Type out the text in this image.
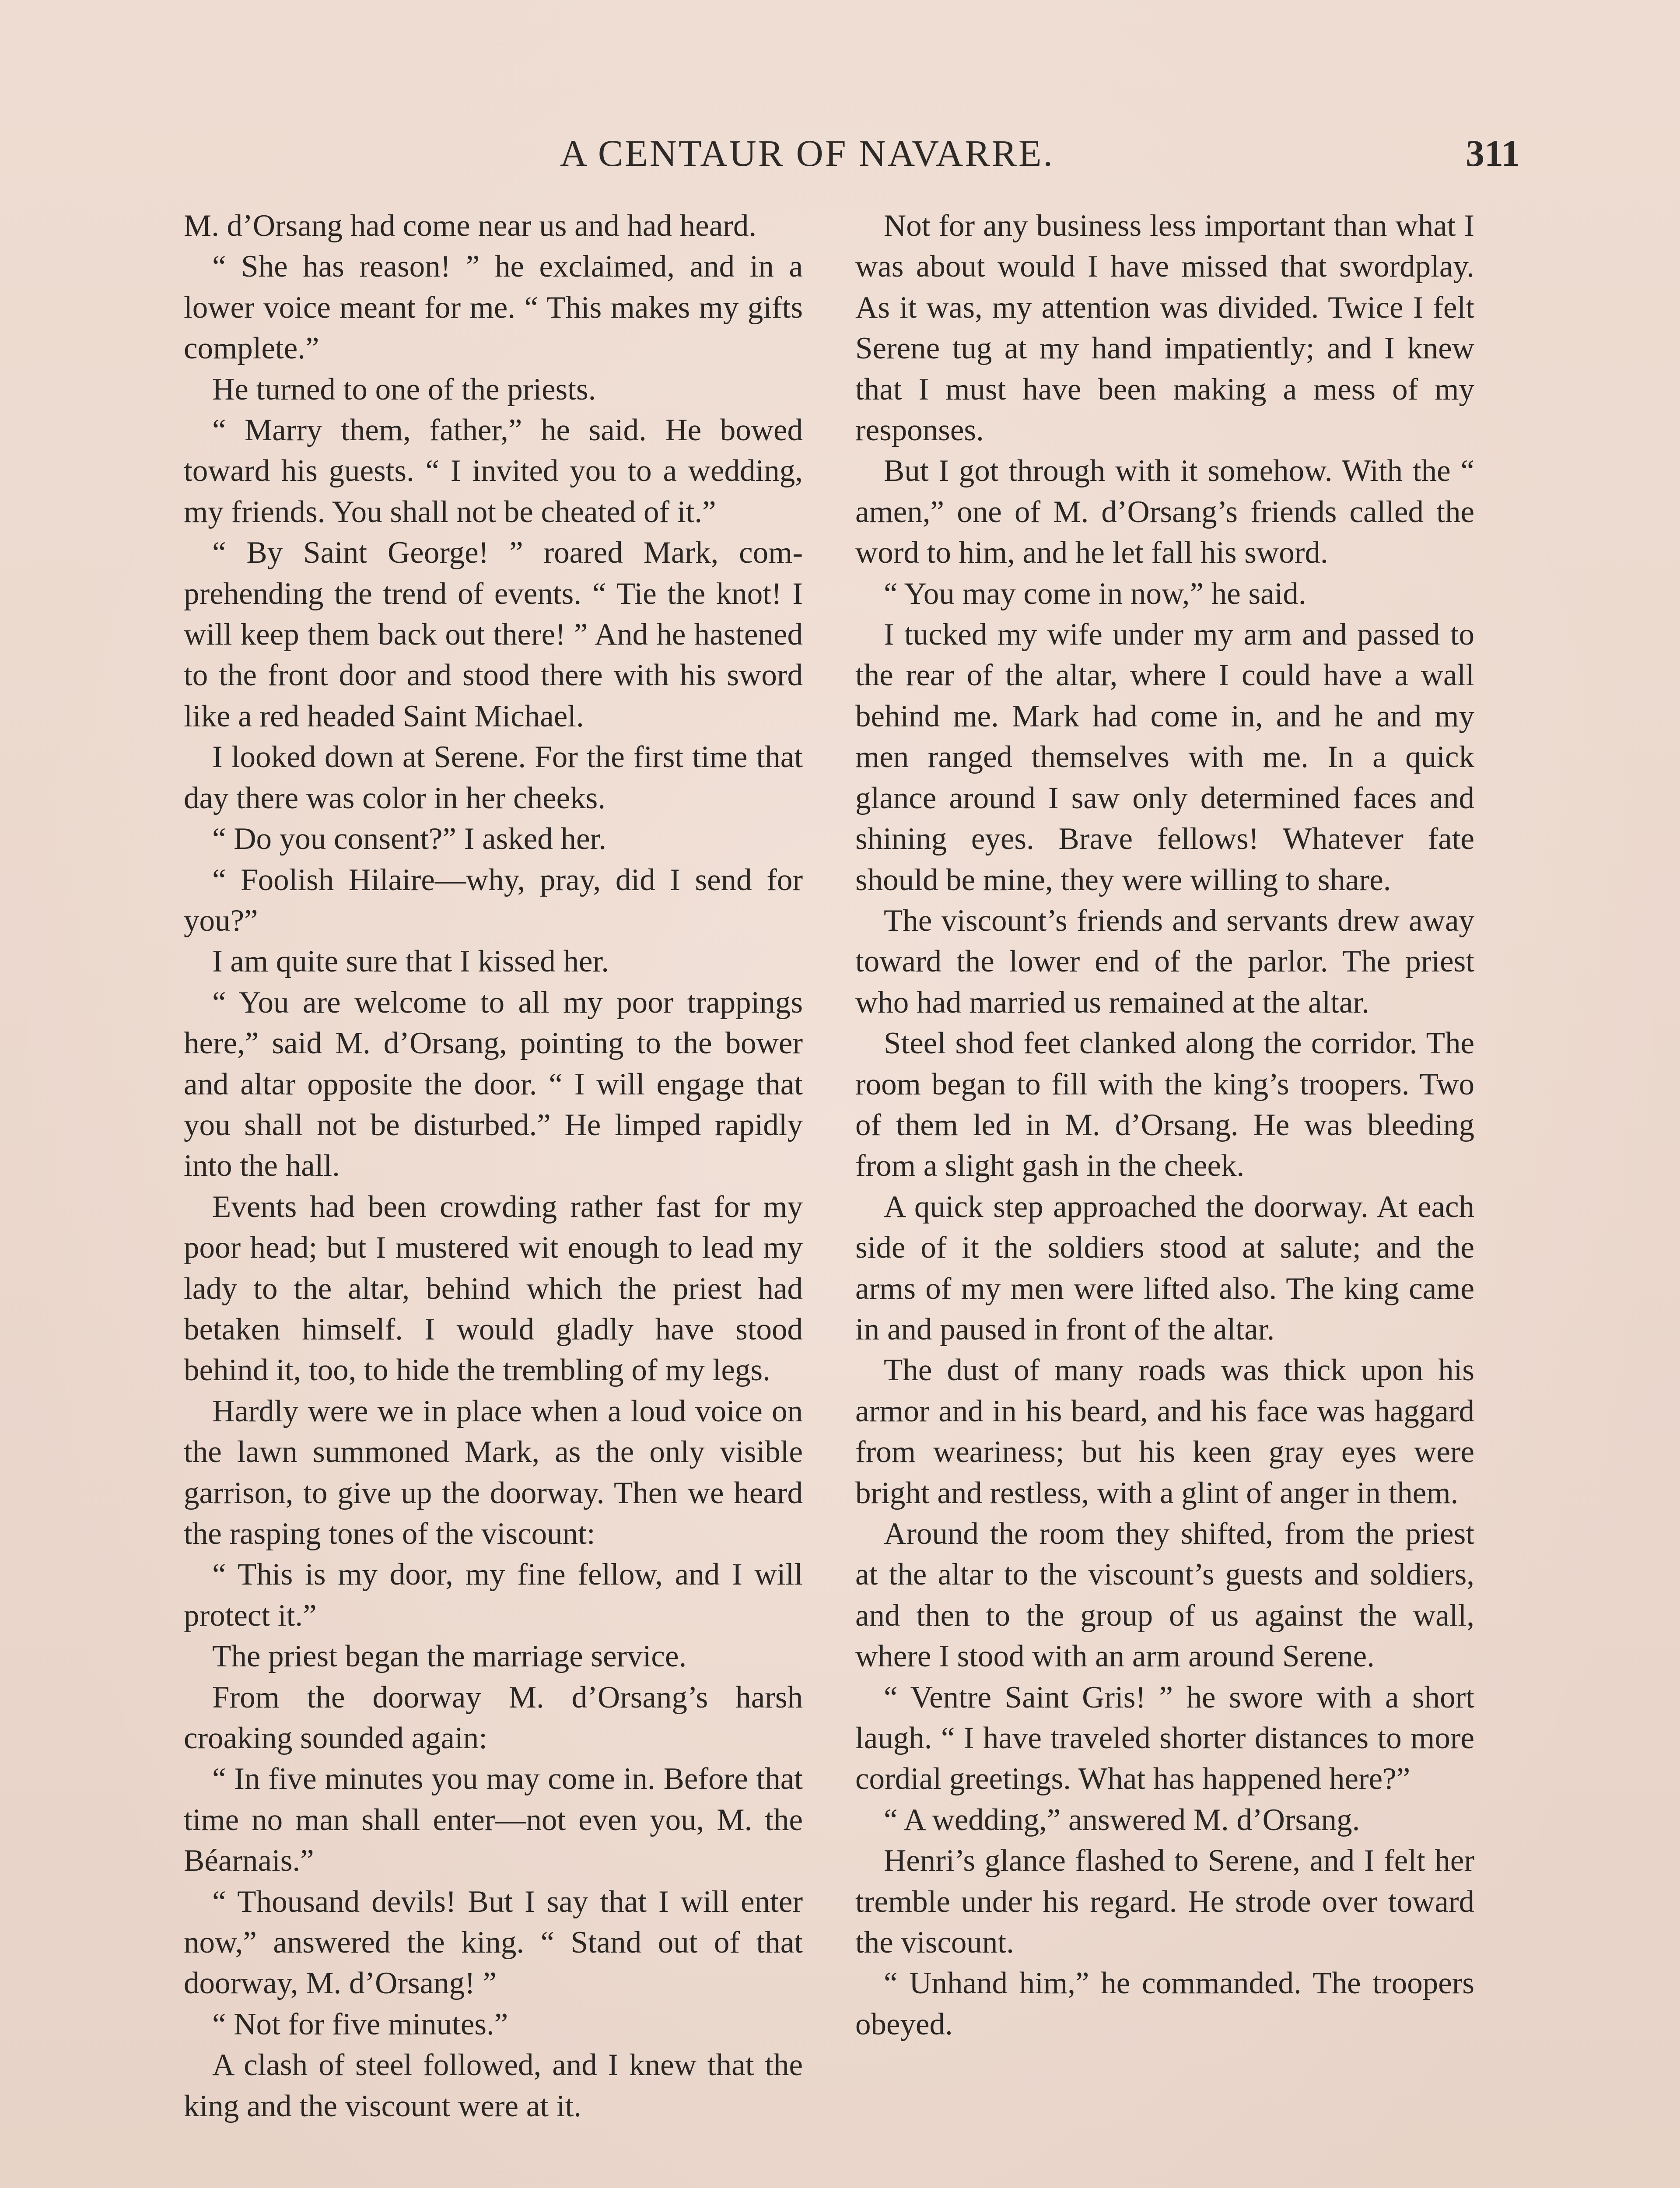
A CENTAUR OF NAVARRE.	311

M. d’Orsang had come near us and had heard.

“ She has reason! ” he exclaimed, and in a lower voice meant for me. “ This makes my gifts complete.”

He turned to one of the priests.

“ Marry them, father,” he said. He bowed toward his guests. “ I invited you to a wedding, my friends. You shall not be cheated of it.”

“ By Saint George! ” roared Mark, comprehending the trend of events. “ Tie the knot! I will keep them back out there! ” And he hastened to the front door and stood there with his sword like a red headed Saint Michael.

I looked down at Serene. For the first time that day there was color in her cheeks.

“ Do you consent?” I asked her.

“ Foolish Hilaire—why, pray, did I send for you?”

I am quite sure that I kissed her.

“ You are welcome to all my poor trappings here,” said M. d’Orsang, pointing to the bower and altar opposite the door. “ I will engage that you shall not be disturbed.” He limped rapidly into the hall.

Events had been crowding rather fast for my poor head; but I mustered wit enough to lead my lady to the altar, behind which the priest had betaken himself. I would gladly have stood behind it, too, to hide the trembling of my legs.

Hardly were we in place when a loud voice on the lawn summoned Mark, as the only visible garrison, to give up the doorway. Then we heard the rasping tones of the viscount:

“ This is my door, my fine fellow, and I will protect it.”

The priest began the marriage service.

From the doorway M. d’Orsang’s harsh croaking sounded again:

“ In five minutes you may come in. Before that time no man shall enter—not even you, M. the Béarnais.”

“ Thousand devils! But I say that I will enter now,” answered the king. “ Stand out of that doorway, M. d’Orsang! ”

“ Not for five minutes.”

A clash of steel followed, and I knew that the king and the viscount were at it.

Not for any business less important than what I was about would I have missed that swordplay. As it was, my attention was divided. Twice I felt Serene tug at my hand impatiently; and I knew that I must have been making a mess of my responses.

But I got through with it somehow. With the “ amen,” one of M. d’Orsang’s friends called the word to him, and he let fall his sword.

“ You may come in now,” he said.

I tucked my wife under my arm and passed to the rear of the altar, where I could have a wall behind me. Mark had come in, and he and my men ranged themselves with me. In a quick glance around I saw only determined faces and shining eyes. Brave fellows! Whatever fate should be mine, they were willing to share.

The viscount’s friends and servants drew away toward the lower end of the parlor. The priest who had married us remained at the altar.

Steel shod feet clanked along the corridor. The room began to fill with the king’s troopers. Two of them led in M. d’Orsang. He was bleeding from a slight gash in the cheek.

A quick step approached the doorway. At each side of it the soldiers stood at salute; and the arms of my men were lifted also. The king came in and paused in front of the altar.

The dust of many roads was thick upon his armor and in his beard, and his face was haggard from weariness; but his keen gray eyes were bright and restless, with a glint of anger in them.

Around the room they shifted, from the priest at the altar to the viscount’s guests and soldiers, and then to the group of us against the wall, where I stood with an arm around Serene.

“ Ventre Saint Gris! ” he swore with a short laugh. “ I have traveled shorter distances to more cordial greetings. What has happened here?”

“ A wedding,” answered M. d’Orsang.

Henri’s glance flashed to Serene, and I felt her tremble under his regard. He strode over toward the viscount.

“ Unhand him,” he commanded. The troopers obeyed.
